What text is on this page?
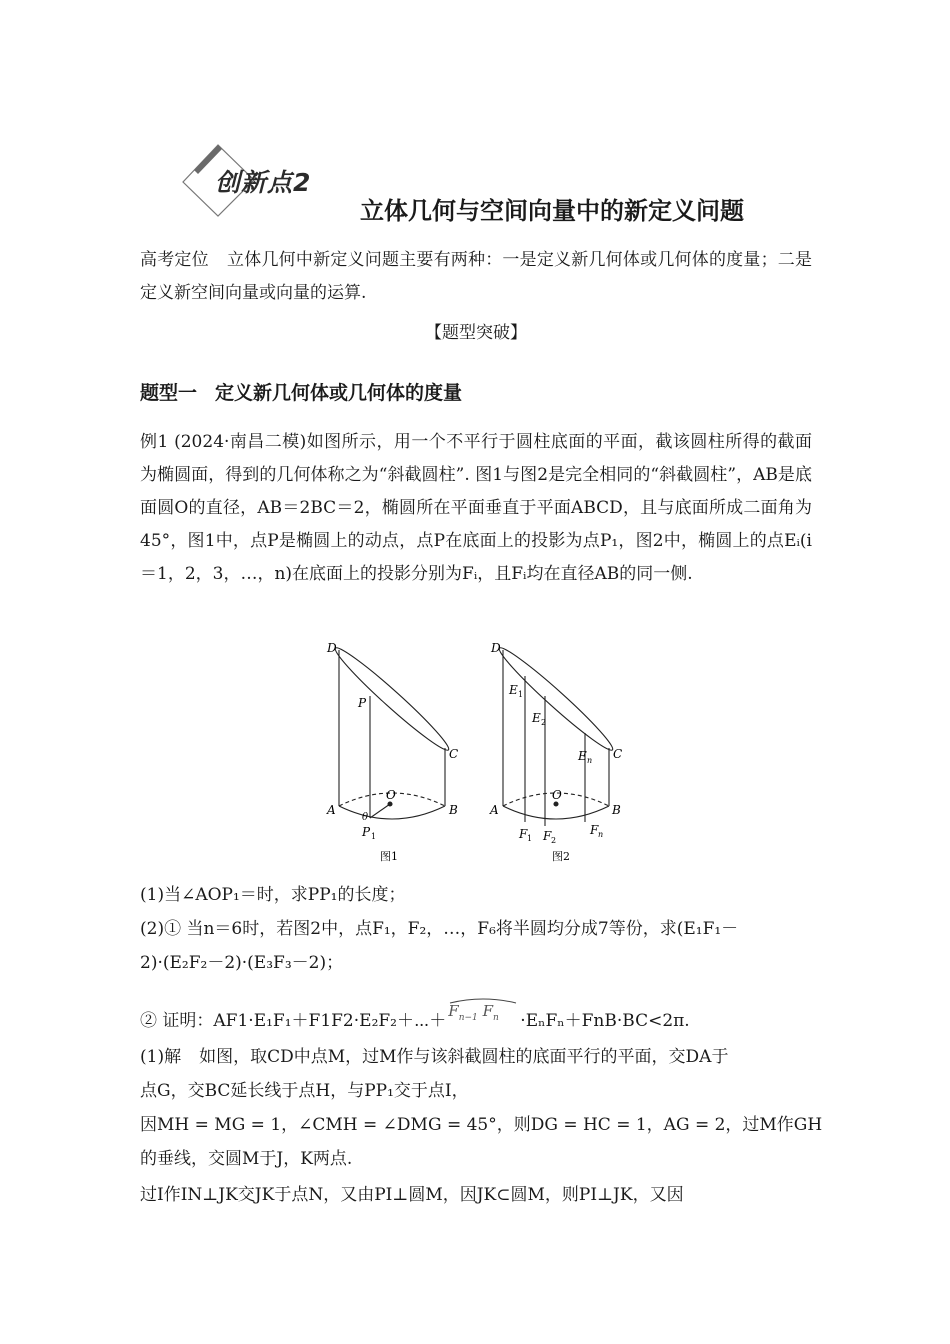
创新点2
立体几何与空间向量中的新定义问题
高考定位 立体几何中新定义问题主要有两种：一是定义新几何体或几何体的度量；二是定义新空间向量或向量的运算.
【题型突破】
题型一 定义新几何体或几何体的度量
例1 (2024·南昌二模)如图所示，用一个不平行于圆柱底面的平面，截该圆柱所得的截面为椭圆面，得到的几何体称之为“斜截圆柱”. 图1与图2是完全相同的“斜截圆柱”，AB是底面圆O的直径，AB＝2BC＝2，椭圆所在平面垂直于平面ABCD，且与底面所成二面角为45°，图1中，点P是椭圆上的动点，点P在底面上的投影为点P₁，图2中，椭圆上的点Eᵢ(i＝1，2，3，…，n)在底面上的投影分别为Fᵢ，且Fᵢ均在直径AB的同一侧.
D
P
C
O
A	B
θ
P 1
图1
D
E 1
E 2
E n C
O
A	B
F 1 F 2
F n
图2
(1)当∠AOP₁＝时，求PP₁的长度；
(2)① 当n＝6时，若图2中，点F₁，F₂，…，F₆将半圆均分成7等份，求(E₁F₁－
2)·(E₂F₂－2)·(E₃F₃－2)；
② 证明：AF1·E₁F₁＋F1F2·E₂F₂＋⋯＋ $F_{n-1}$ $F_n \cdot E_nF_n+FnB\cdot BC<2\pi$.
(1)解 如图，取CD中点M，过M作与该斜截圆柱的底面平行的平面，交DA于
点G，交BC延长线于点H，与PP₁交于点I，
因MH = MG = 1，∠CMH = ∠DMG = 45°，则DG = HC = 1，AG = 2，过M作GH
的垂线，交圆M于J，K两点.
过I作IN⊥JK交JK于点N，又由PI⊥圆M，因JK⊂圆M，则PI⊥JK，又因
